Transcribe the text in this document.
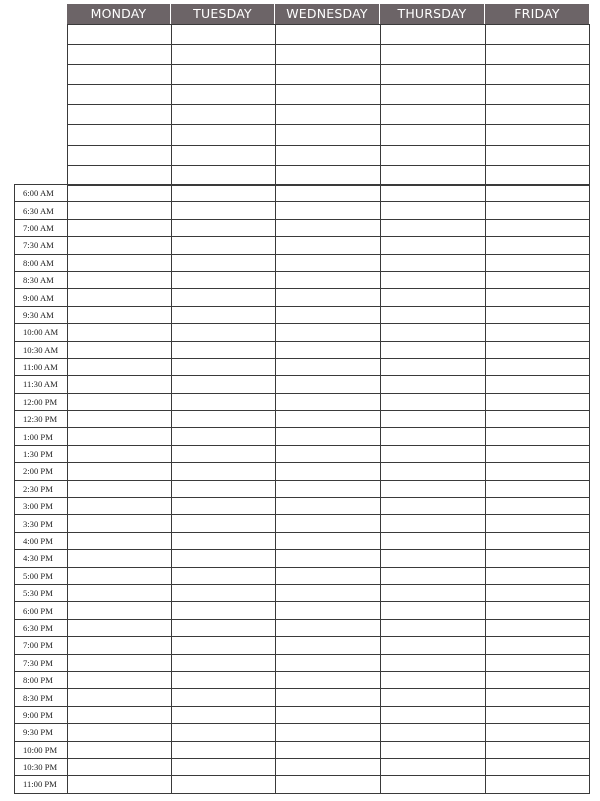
MONDAY	TUESDAY	WEDNESDAY	THURSDAY	FRIDAY

6:00 AM					
6:30 AM					
7:00 AM					
7:30 AM					
8:00 AM					
8:30 AM					
9:00 AM					
9:30 AM					
10:00 AM					
10:30 AM					
11:00 AM					
11:30 AM					
12:00 PM					
12:30 PM					
1:00 PM					
1:30 PM					
2:00 PM					
2:30 PM					
3:00 PM					
3:30 PM					
4:00 PM					
4:30 PM					
5:00 PM					
5:30 PM					
6:00 PM					
6:30 PM					
7:00 PM					
7:30 PM					
8:00 PM					
8:30 PM					
9:00 PM					
9:30 PM					
10:00 PM					
10:30 PM					
11:00 PM					
